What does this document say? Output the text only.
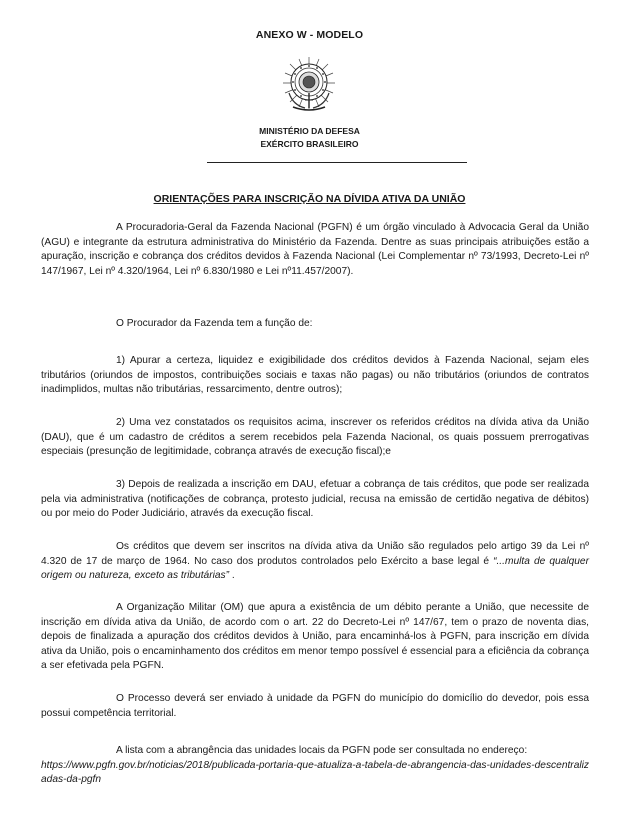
ANEXO W - MODELO
MINISTÉRIO DA DEFESA
EXÉRCITO BRASILEIRO
ORIENTAÇÕES PARA INSCRIÇÃO NA DÍVIDA ATIVA DA UNIÃO

A Procuradoria-Geral da Fazenda Nacional (PGFN) é um órgão vinculado à Advocacia Geral da União (AGU) e integrante da estrutura administrativa do Ministério da Fazenda. Dentre as suas principais atribuições estão a apuração, inscrição e cobrança dos créditos devidos à Fazenda Nacional (Lei Complementar nº 73/1993, Decreto-Lei nº 147/1967, Lei nº 4.320/1964, Lei nº 6.830/1980 e Lei nº11.457/2007).

O Procurador da Fazenda tem a função de:

1) Apurar a certeza, liquidez e exigibilidade dos créditos devidos à Fazenda Nacional, sejam eles tributários (oriundos de impostos, contribuições sociais e taxas não pagas) ou não tributários (oriundos de contratos inadimplidos, multas não tributárias, ressarcimento, dentre outros);

2) Uma vez constatados os requisitos acima, inscrever os referidos créditos na dívida ativa da União (DAU), que é um cadastro de créditos a serem recebidos pela Fazenda Nacional, os quais possuem prerrogativas especiais (presunção de legitimidade, cobrança através de execução fiscal);e

3) Depois de realizada a inscrição em DAU, efetuar a cobrança de tais créditos, que pode ser realizada pela via administrativa (notificações de cobrança, protesto judicial, recusa na emissão de certidão negativa de débitos) ou por meio do Poder Judiciário, através da execução fiscal.

Os créditos que devem ser inscritos na dívida ativa da União são regulados pelo artigo 39 da Lei nº 4.320 de 17 de março de 1964. No caso dos produtos controlados pelo Exército a base legal é “...multa de qualquer origem ou natureza, exceto as tributárias” .

A Organização Militar (OM) que apura a existência de um débito perante a União, que necessite de inscrição em dívida ativa da União, de acordo com o art. 22 do Decreto-Lei nº 147/67, tem o prazo de noventa dias, depois de finalizada a apuração dos créditos devidos à União, para encaminhá-los à PGFN, para inscrição em dívida ativa da União, pois o encaminhamento dos créditos em menor tempo possível é essencial para a eficiência da cobrança a ser efetivada pela PGFN.

O Processo deverá ser enviado à unidade da PGFN do município do domicílio do devedor, pois essa possui competência territorial.

A lista com a abrangência das unidades locais da PGFN pode ser consultada no endereço:
https://www.pgfn.gov.br/noticias/2018/publicada-portaria-que-atualiza-a-tabela-de-abrangencia-das-unidades-descentralizadas-da-pgfn
